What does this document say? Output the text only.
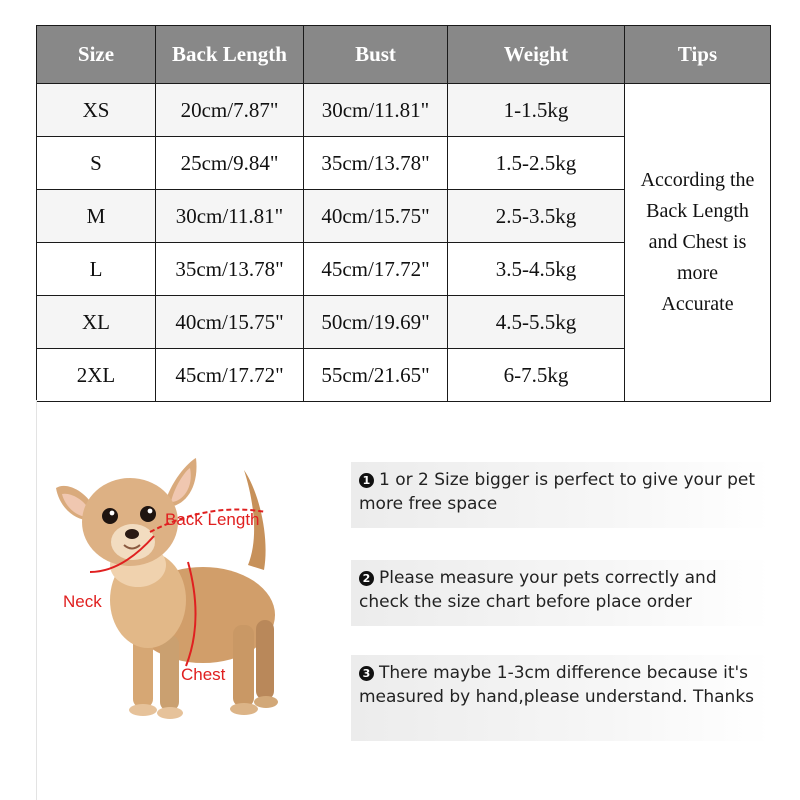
Size	Back Length	Bust	Weight	Tips
XS	20cm/7.87"	30cm/11.81"	1-1.5kg	According the
Back Length
and Chest is
more
Accurate

S	25cm/9.84"	35cm/13.78"	1.5-2.5kg	
M	30cm/11.81"	40cm/15.75"	2.5-3.5kg	
L	35cm/13.78"	45cm/17.72"	3.5-4.5kg	
XL	40cm/15.75"	50cm/19.69"	4.5-5.5kg	
2XL	45cm/17.72"	55cm/21.65"	6-7.5kg	
Back Length
Neck
Chest
1 1 or 2 Size bigger is perfect to give your pet more free space
2 Please measure your pets correctly and check the size chart before place order
3 There maybe 1-3cm difference because it's measured by hand,please understand. Thanks
